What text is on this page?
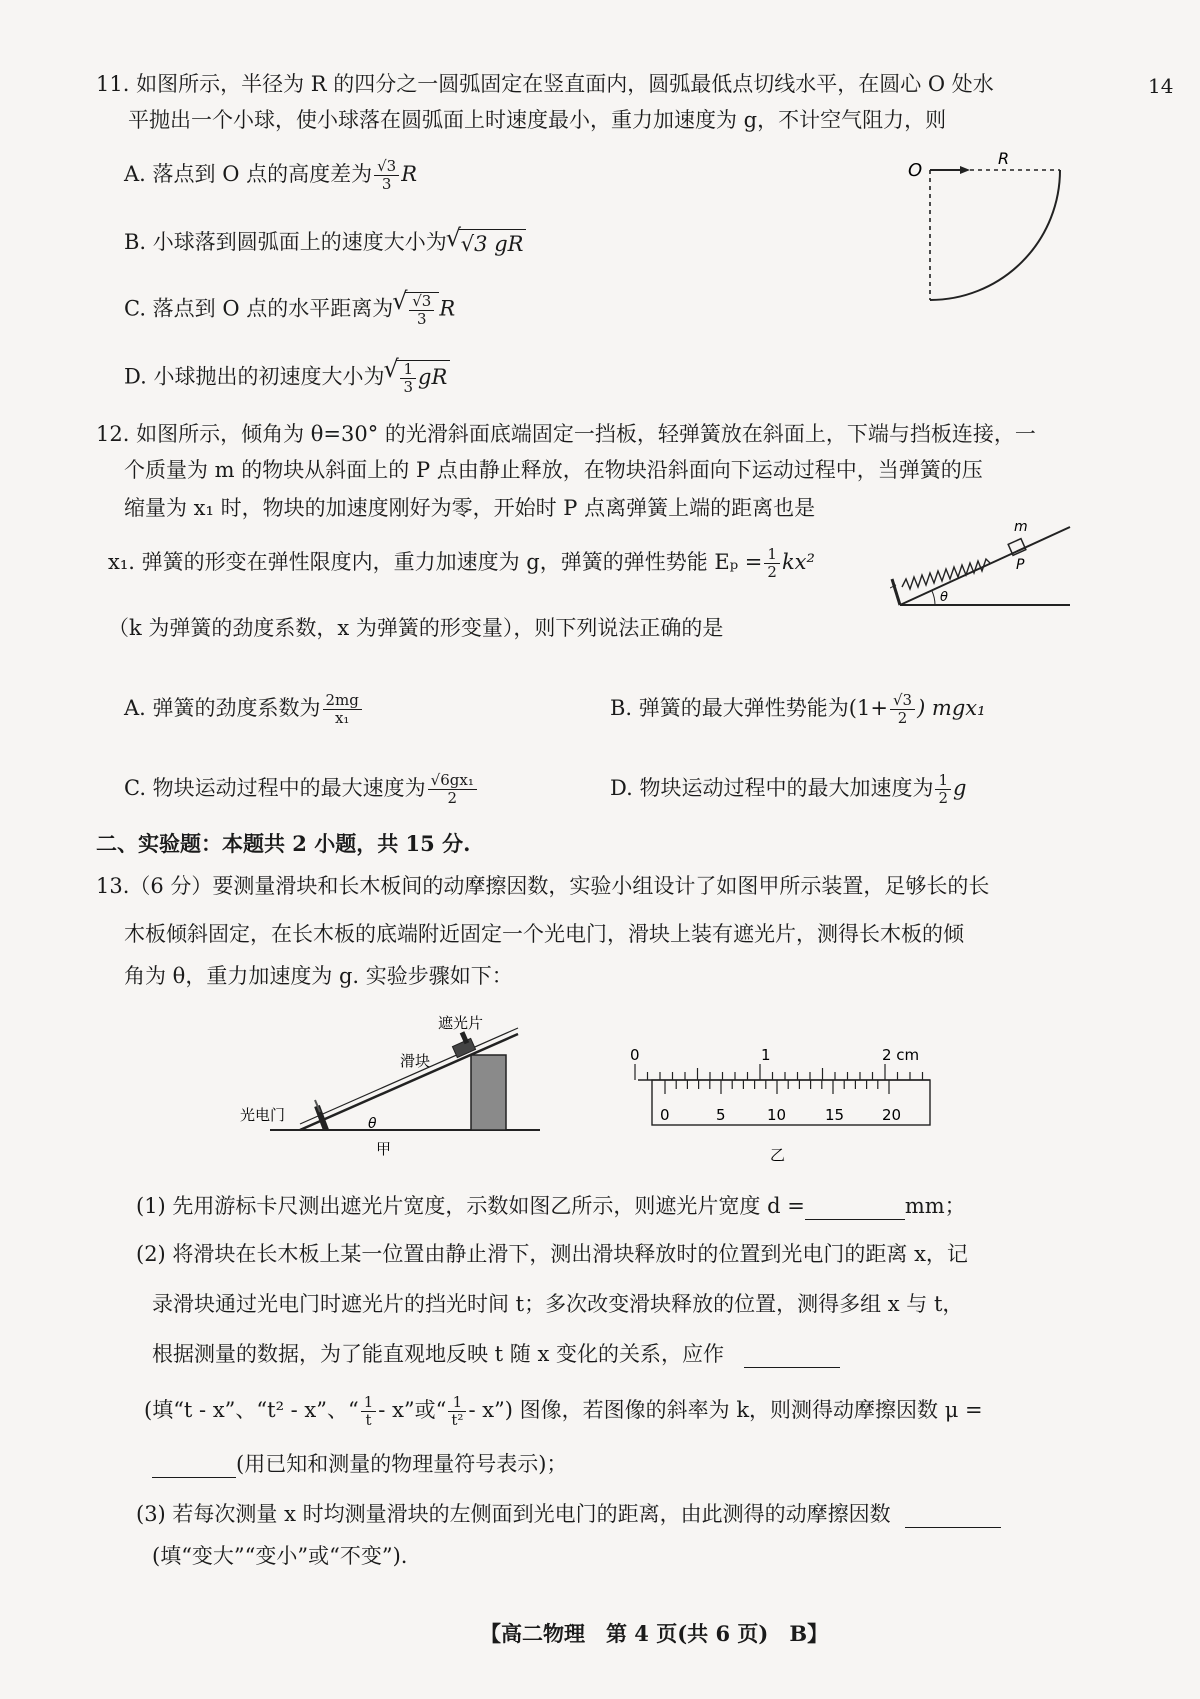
14
11. 如图所示，半径为 R 的四分之一圆弧固定在竖直面内，圆弧最低点切线水平，在圆心 O 处水
平抛出一个小球，使小球落在圆弧面上时速度最小，重力加速度为 g，不计空气阻力，则
A. 落点到 O 点的高度差为 $\frac{√3}{3}$ R
B. 小球落到圆弧面上的速度大小为 √ √3 gR
C. 落点到 O 点的水平距离为 √ $\frac{√3}{3}$ R
D. 小球抛出的初速度大小为 √ $\frac{1}{3}$ gR
O
R
12. 如图所示，倾角为 θ=30° 的光滑斜面底端固定一挡板，轻弹簧放在斜面上，下端与挡板连接，一
个质量为 m 的物块从斜面上的 P 点由静止释放，在物块沿斜面向下运动过程中，当弹簧的压
缩量为 x₁ 时，物块的加速度刚好为零，开始时 P 点离弹簧上端的距离也是
x₁. 弹簧的形变在弹性限度内，重力加速度为 g，弹簧的弹性势能 $E_p = \frac{1}{2} kx^2$
（k 为弹簧的劲度系数，x 为弹簧的形变量），则下列说法正确的是
m
P
θ
A. 弹簧的劲度系数为 $\frac{2mg}{\text{x₁}}$	B. 弹簧的最大弹性势能为($1+ \frac{√3}{2}$ ) mgx₁
C. 物块运动过程中的最大速度为 $\frac{\text{√6gx₁}}{2}$	D. 物块运动过程中的最大加速度为 $\frac{1}{2}$ g
二、实验题：本题共 2 小题，共 15 分.
13.（6 分）要测量滑块和长木板间的动摩擦因数，实验小组设计了如图甲所示装置，足够长的长
木板倾斜固定，在长木板的底端附近固定一个光电门，滑块上装有遮光片，测得长木板的倾
角为 θ，重力加速度为 g. 实验步骤如下：
遮光片
滑块
光电门	θ
甲
0	1	2 cm
0	5	10	15	20
乙
(1) 先用游标卡尺测出遮光片宽度，示数如图乙所示，则遮光片宽度 d =	mm；
(2) 将滑块在长木板上某一位置由静止滑下，测出滑块释放时的位置到光电门的距离 x，记
录滑块通过光电门时遮光片的挡光时间 t；多次改变滑块释放的位置，测得多组 x 与 t，
根据测量的数据，为了能直观地反映 t 随 x 变化的关系，应作
(填“t - x”、“t² - x”、“ $\frac{1}{t}$ - x”或“ $\frac{1}{\text{t²}}$ - x”) 图像，若图像的斜率为 k，则测得动摩擦因数 μ =
(用已知和测量的物理量符号表示)；
(3) 若每次测量 x 时均测量滑块的左侧面到光电门的距离，由此测得的动摩擦因数
(填“变大”“变小”或“不变”).
【高二物理　第 4 页(共 6 页)　B】
